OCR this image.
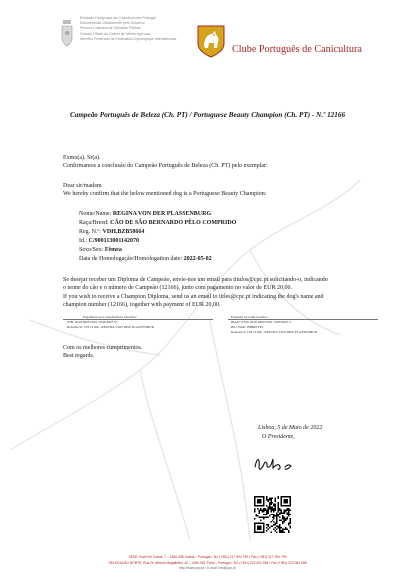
Entidade Designada de Cinicultura em Portugal
Reconhecida Oficialmente pelo Governo
Pessoa Colectiva de Utilidade Pública
Grande Oficial da Ordem de Mérito Agrícola
Membro Federado da Fédération Cynologique Internationale
Clube Português de Canicultura
Campeão Português de Beleza (Ch. PT) / Portuguese Beauty Champion (Ch. PT) - N.º 12166
Exmo(a). Sr(a).
Confirmamos a conclusão do Campeão Português de Beleza (Ch. PT) pelo exemplar:
Dear sir/madam
We hereby confirm that the below mentioned dog is a Portuguese Beauty Champion:
Nome/Name: REGINA VON DER PLASSENBURG
Raça/Breed: CÃO DE SÃO BERNARDO PÊLO COMPRIDO
Reg. N.º: VDH.BZB58664
Id.: C/900113001142070
Sexo/Sex: Fêmea
Data de Homologação/Homologation date: 2022-05-02
Se desejar receber um Diploma de Campeão, envie-nos um email para titulos@cpc.pt solicitando-o, indicando
o nome do cão e o número de Campeão (12166), junto com pagamento no valor de EUR 20,00.
If you wish to receive a Champion Diploma, send us an email to titles@cpc.pt indicating the dog's name and
champion number (12166), together with payment of EUR 20,00.
Pagamento por transferência bancária:
NIB: 0018 0000 0201 7946 0825 51
Referência: CH 12166 - REGINA VON DER PLASSENBUR
Payment by bank transfer:
IBAN: PT50 0018 0000 0201 7946 0825 5
BIC/Swift: BBRIPTPL
Reference: CH 12166 - REGINA VON DER PLASSENBUR
Com os melhores cumprimentos.
Best regards.
Lisboa, 5 de Maio de 2022
O Presidente,
SEDE: Rua Frei Carlos, 7 – 1600-095 Lisboa – Portugal • Tel. (+351) 217 994 790 • Fax (+351) 217 994 799
DELEGAÇÃO NORTE: Rua Dr. Alfredo Magalhães, 42 – 4000-061 Porto – Portugal • Tel. (+351) 222 002 594 • Fax (+351) 222 081 698
http://www.cpc.pt • E-mail: info@cpc.pt
